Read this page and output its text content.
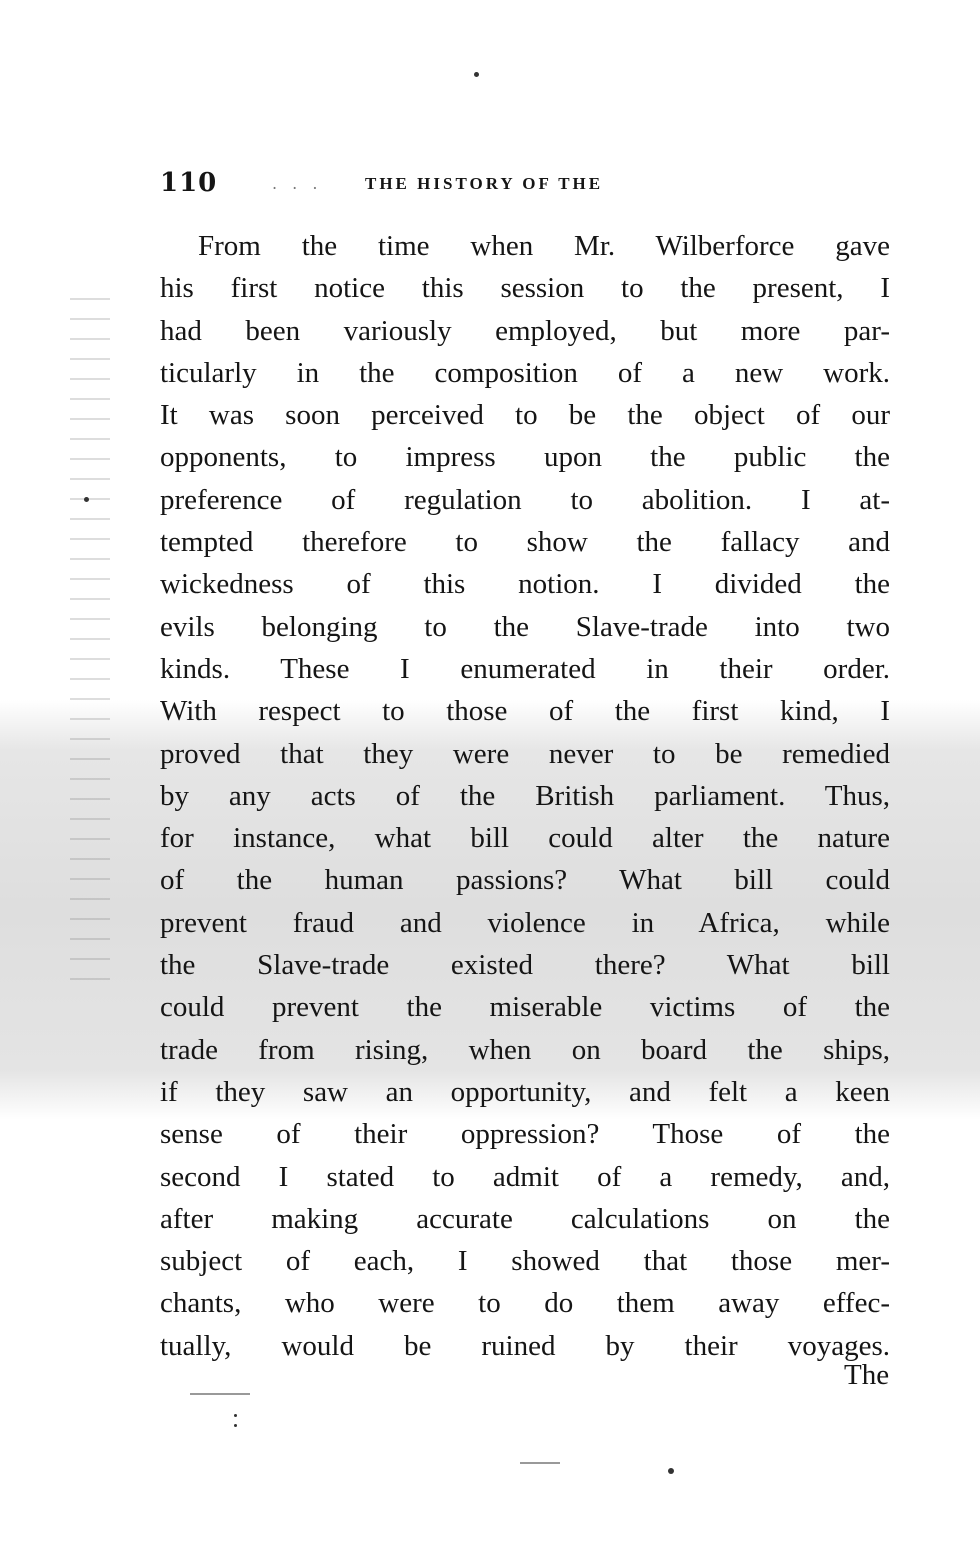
110	. . .	THE HISTORY OF THE
From the time when Mr. Wilberforce gave
his first notice this session to the present, I
had been variously employed, but more par-
ticularly in the composition of a new work.
It was soon perceived to be the object of our
opponents, to impress upon the public the
preference of regulation to abolition. I at-
tempted therefore to show the fallacy and
wickedness of this notion. I divided the
evils belonging to the Slave-trade into two
kinds. These I enumerated in their order.
With respect to those of the first kind, I
proved that they were never to be remedied
by any acts of the British parliament. Thus,
for instance, what bill could alter the nature
of the human passions? What bill could
prevent fraud and violence in Africa, while
the Slave-trade existed there? What bill
could prevent the miserable victims of the
trade from rising, when on board the ships,
if they saw an opportunity, and felt a keen
sense of their oppression? Those of the
second I stated to admit of a remedy, and,
after making accurate calculations on the
subject of each, I showed that those mer-
chants, who were to do them away effec-
tually, would be ruined by their voyages.
The
